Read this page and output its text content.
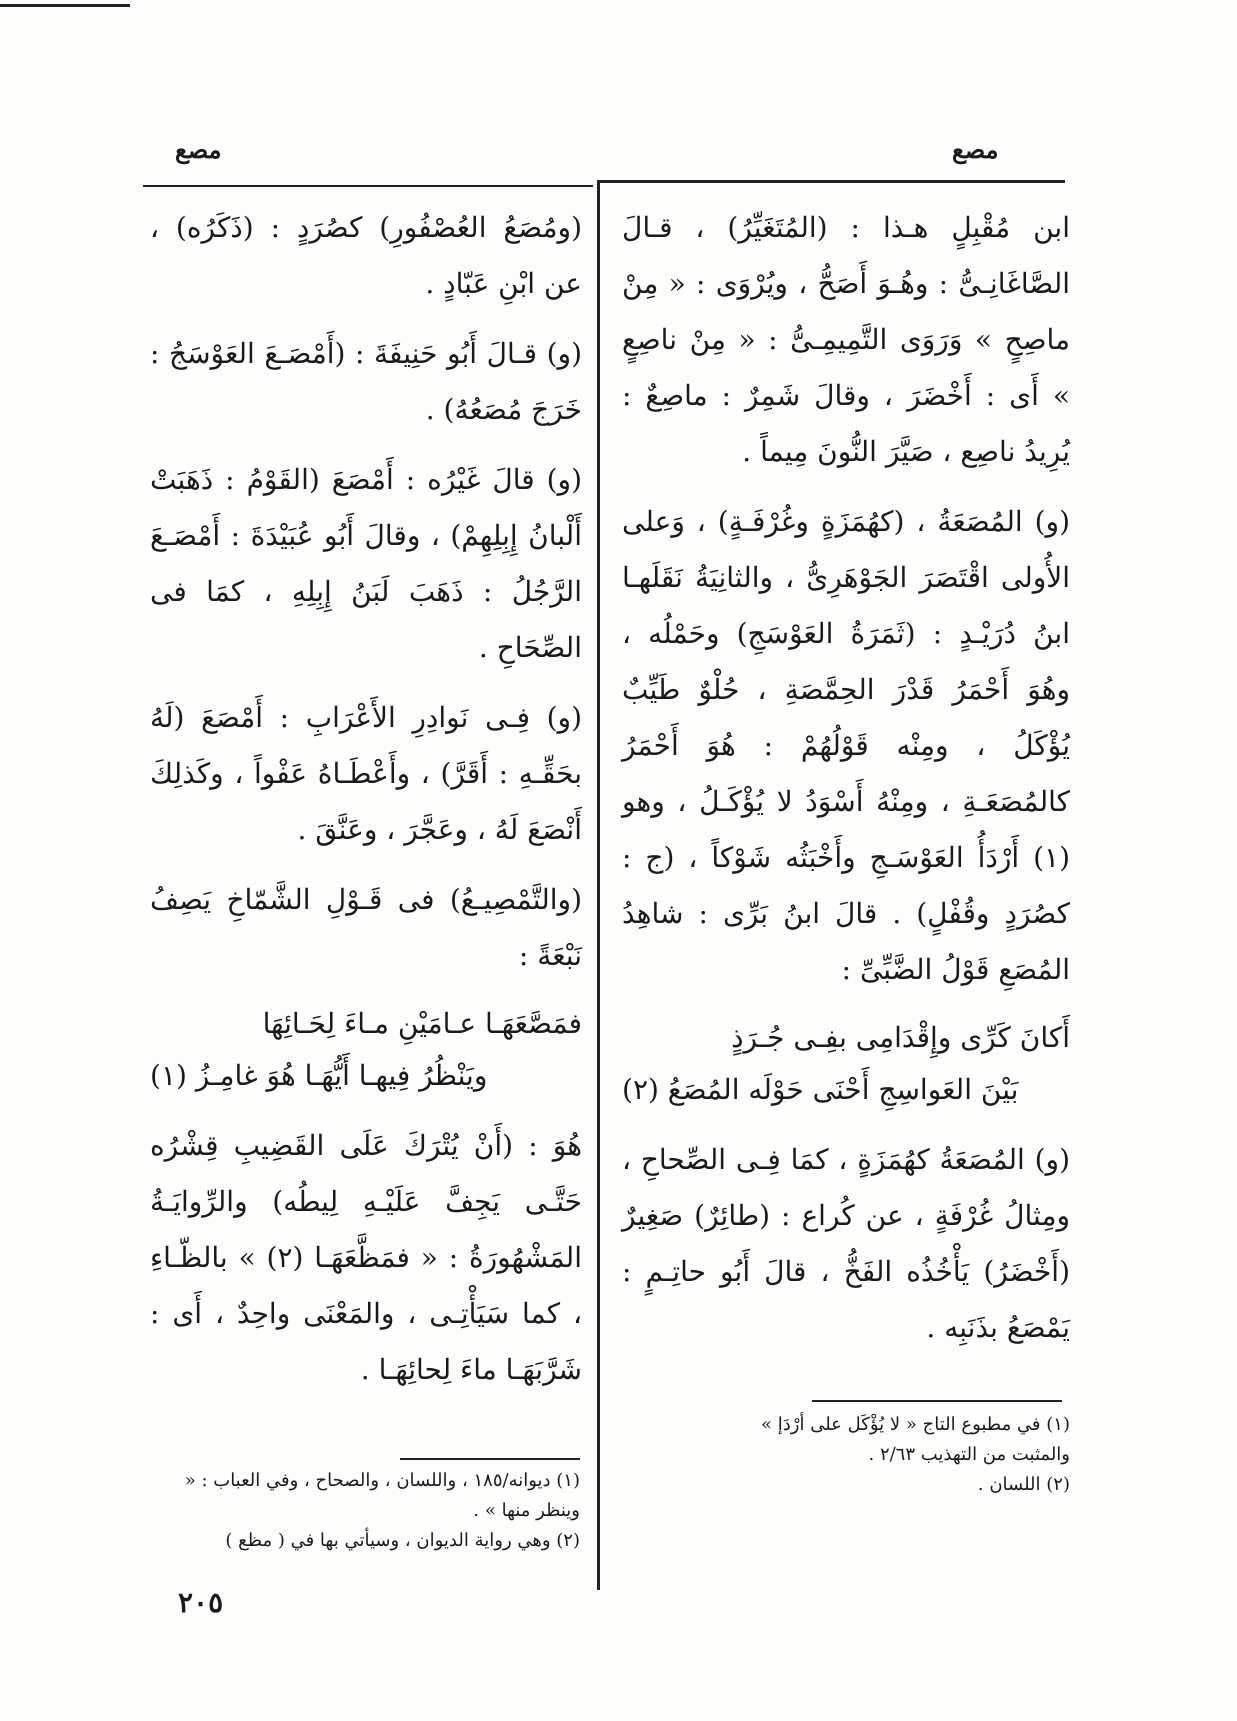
مصع
مصع

ابن مُقْبِلٍ هـذا : (المُتَغَيِّرُ) ، قـالَ الصَّاغَانِـىُّ : وهُـوَ أَصَحُّ ، ويُرْوَى : « مِنْ ماصِحٍ » وَرَوَى التَّمِيمِـىُّ : « مِنْ ناصِعٍ » أَى : أَخْضَرَ ، وقالَ شَمِرٌ : ماصِعٌ : يُرِيدُ ناصِع ، صَيَّرَ النُّونَ مِيماً .

(و) المُصَعَةُ ، (كهُمَزَةٍ وغُرْفَـةٍ) ، وَعلى الأُولى اقْتَصَرَ الجَوْهَرِىُّ ، والثانِيَةُ نَقَلَهـا ابنُ دُرَيْـدٍ : (ثَمَرَةُ العَوْسَجِ) وحَمْلُه ، وهُوَ أَحْمَرُ قَدْرَ الحِمَّصَةِ ، حُلْوٌ طَيِّبٌ يُؤْكَلُ ، ومِنْه قَوْلُهُمْ : هُوَ أَحْمَرُ كالمُصَعَـةِ ، ومِنْهُ أَسْوَدُ لا يُؤْكَـلُ ، وهو (١) أَرْدَأُ العَوْسَـجِ وأَخْبَثُه شَوْكاً ، (ج : كصُرَدٍ وقُفْلٍ) . قالَ ابنُ بَرِّى : شاهِدُ المُصَعِ قَوْلُ الضَّبِّىِّ :

أَكانَ كَرِّى وإِقْدَامِى بفِـى جُـرَذٍ
بَيْنَ العَواسِجِ أَحْنَى حَوْلَه المُصَعُ (٢)

(و) المُصَعَةُ كهُمَزَةٍ ، كمَا فِـى الصِّحاحِ ، ومِثالُ غُرْفَةٍ ، عن كُراع : (طائِرٌ) صَغِيرٌ (أَخْضَرُ) يَأْخُذُه الفَخُّ ، قالَ أَبُو حاتِـمٍ : يَمْصَعُ بذَنَبِه .

(ومُصَعُ العُصْفُورِ) كصُرَدٍ : (ذَكَرُه) ، عن ابْنِ عَبّادٍ .

(و) قـالَ أَبُو حَنِيفَةَ : (أَمْصَـعَ العَوْسَجُ : خَرَجَ مُصَعُهُ) .

(و) قالَ غَيْرُه : أَمْصَعَ (القَوْمُ : ذَهَبَتْ أَلْبانُ إِبِلِهِمْ) ، وقالَ أَبُو عُبَيْدَةَ : أَمْصَـعَ الرَّجُلُ : ذَهَبَ لَبَنُ إِبِلِهِ ، كمَا فى الصِّحَاحِ .

(و) فِـى نَوادِرِ الأَعْرَابِ : أَمْصَعَ (لَهُ بحَقِّـهِ : أَقَرَّ) ، وأَعْطَـاهُ عَفْواً ، وكَذلِكَ أَنْصَعَ لَهُ ، وعَجَّرَ ، وعَنَّقَ .

(والتَّمْصِيـعُ) فى قَـوْلِ الشَّمّاخِ يَصِفُ نَبْعَةً :

فمَصَّعَهَـا عـامَيْنِ مـاءَ لِحَـائِهَا
ويَنْظُرُ فِيهـا أَيُّهَـا هُوَ غامِـزُ (١)

هُوَ : (أَنْ يُتْرَكَ عَلَى القَضِيبِ قِشْرُه حَتَّـى يَجِفَّ عَلَيْـهِ لِيطُه) والرِّوايَـةُ المَشْهُورَةُ : « فمَظَّعَهَـا (٢) » بالظّـاءِ ، كما سَيَأْتِـى ، والمَعْنَى واحِدٌ ، أَى : شَرَّبَهَـا ماءَ لِحائِهَـا .

(١) في مطبوع التاج « لا يُؤْكَل على أرْدَإ » والمثبت من التهذيب ٢/٦٣ .
(٢) اللسان .
(١) ديوانه/١٨٥ ، واللسان ، والصحاح ، وفي العباب : « وينظر منها » .
(٢) وهي رواية الديوان ، وسيأتي بها في ( مظع )
٢٠٥
